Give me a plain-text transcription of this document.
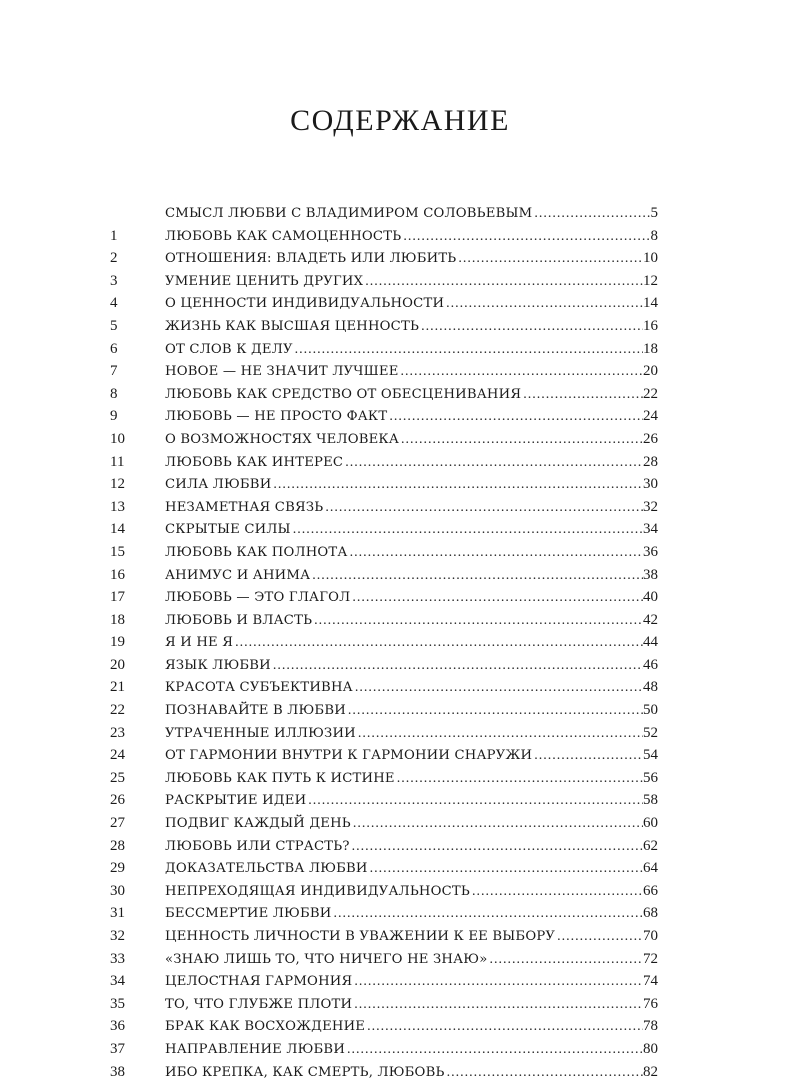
СОДЕРЖАНИЕ
СМЫСЛ ЛЮБВИ С ВЛАДИМИРОМ СОЛОВЬЕВЫМ .....	5
1	ЛЮБОВЬ КАК САМОЦЕННОСТЬ .....	8
2	ОТНОШЕНИЯ: ВЛАДЕТЬ ИЛИ ЛЮБИТЬ .....	10
3	УМЕНИЕ ЦЕНИТЬ ДРУГИХ .....	12
4	О ЦЕННОСТИ ИНДИВИДУАЛЬНОСТИ .....	14
5	ЖИЗНЬ КАК ВЫСШАЯ ЦЕННОСТЬ .....	16
6	ОТ СЛОВ К ДЕЛУ .....	18
7	НОВОЕ — НЕ ЗНАЧИТ ЛУЧШЕЕ .....	20
8	ЛЮБОВЬ КАК СРЕДСТВО ОТ ОБЕСЦЕНИВАНИЯ .....	22
9	ЛЮБОВЬ — НЕ ПРОСТО ФАКТ .....	24
10	О ВОЗМОЖНОСТЯХ ЧЕЛОВЕКА .....	26
11	ЛЮБОВЬ КАК ИНТЕРЕС .....	28
12	СИЛА ЛЮБВИ .....	30
13	НЕЗАМЕТНАЯ СВЯЗЬ .....	32
14	СКРЫТЫЕ СИЛЫ .....	34
15	ЛЮБОВЬ КАК ПОЛНОТА .....	36
16	АНИМУС И АНИМА .....	38
17	ЛЮБОВЬ — ЭТО ГЛАГОЛ .....	40
18	ЛЮБОВЬ И ВЛАСТЬ .....	42
19	Я И НЕ Я .....	44
20	ЯЗЫК ЛЮБВИ .....	46
21	КРАСОТА СУБЪЕКТИВНА .....	48
22	ПОЗНАВАЙТЕ В ЛЮБВИ .....	50
23	УТРАЧЕННЫЕ ИЛЛЮЗИИ .....	52
24	ОТ ГАРМОНИИ ВНУТРИ К ГАРМОНИИ СНАРУЖИ .....	54
25	ЛЮБОВЬ КАК ПУТЬ К ИСТИНЕ .....	56
26	РАСКРЫТИЕ ИДЕИ .....	58
27	ПОДВИГ КАЖДЫЙ ДЕНЬ .....	60
28	ЛЮБОВЬ ИЛИ СТРАСТЬ? .....	62
29	ДОКАЗАТЕЛЬСТВА ЛЮБВИ .....	64
30	НЕПРЕХОДЯЩАЯ ИНДИВИДУАЛЬНОСТЬ .....	66
31	БЕССМЕРТИЕ ЛЮБВИ .....	68
32	ЦЕННОСТЬ ЛИЧНОСТИ В УВАЖЕНИИ К ЕЕ ВЫБОРУ .....	70
33	«ЗНАЮ ЛИШЬ ТО, ЧТО НИЧЕГО НЕ ЗНАЮ» .....	72
34	ЦЕЛОСТНАЯ ГАРМОНИЯ .....	74
35	ТО, ЧТО ГЛУБЖЕ ПЛОТИ .....	76
36	БРАК КАК ВОСХОЖДЕНИЕ .....	78
37	НАПРАВЛЕНИЕ ЛЮБВИ .....	80
38	ИБО КРЕПКА, КАК СМЕРТЬ, ЛЮБОВЬ .....	82
